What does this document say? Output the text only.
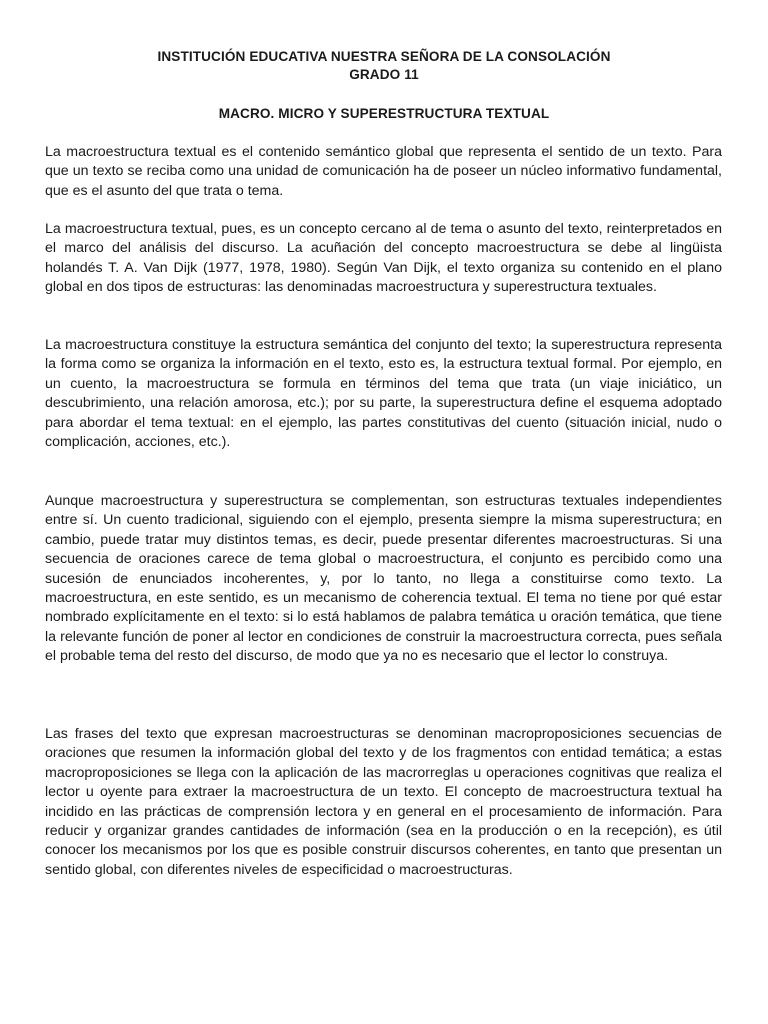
INSTITUCIÓN EDUCATIVA NUESTRA SEÑORA DE LA CONSOLACIÓN
GRADO 11
MACRO. MICRO Y SUPERESTRUCTURA TEXTUAL

La macroestructura textual es el contenido semántico global que representa el sentido de un texto. Para que un texto se reciba como una unidad de comunicación ha de poseer un núcleo informativo fundamental, que es el asunto del que trata o tema.

La macroestructura textual, pues, es un concepto cercano al de tema o asunto del texto, reinterpretados en el marco del análisis del discurso. La acuñación del concepto macroestructura se debe al lingüista holandés T. A. Van Dijk (1977, 1978, 1980). Según Van Dijk, el texto organiza su contenido en el plano global en dos tipos de estructuras: las denominadas macroestructura y superestructura textuales.

La macroestructura constituye la estructura semántica del conjunto del texto; la superestructura representa la forma como se organiza la información en el texto, esto es, la estructura textual formal. Por ejemplo, en un cuento, la macroestructura se formula en términos del tema que trata (un viaje iniciático, un descubrimiento, una relación amorosa, etc.); por su parte, la superestructura define el esquema adoptado para abordar el tema textual: en el ejemplo, las partes constitutivas del cuento (situación inicial, nudo o complicación, acciones, etc.).

Aunque macroestructura y superestructura se complementan, son estructuras textuales independientes entre sí. Un cuento tradicional, siguiendo con el ejemplo, presenta siempre la misma superestructura; en cambio, puede tratar muy distintos temas, es decir, puede presentar diferentes macroestructuras. Si una secuencia de oraciones carece de tema global o macroestructura, el conjunto es percibido como una sucesión de enunciados incoherentes, y, por lo tanto, no llega a constituirse como texto. La macroestructura, en este sentido, es un mecanismo de coherencia textual. El tema no tiene por qué estar nombrado explícitamente en el texto: si lo está hablamos de palabra temática u oración temática, que tiene la relevante función de poner al lector en condiciones de construir la macroestructura correcta, pues señala el probable tema del resto del discurso, de modo que ya no es necesario que el lector lo construya.

Las frases del texto que expresan macroestructuras se denominan macroproposiciones secuencias de oraciones que resumen la información global del texto y de los fragmentos con entidad temática; a estas macroproposiciones se llega con la aplicación de las macrorreglas u operaciones cognitivas que realiza el lector u oyente para extraer la macroestructura de un texto. El concepto de macroestructura textual ha incidido en las prácticas de comprensión lectora y en general en el procesamiento de información. Para reducir y organizar grandes cantidades de información (sea en la producción o en la recepción), es útil conocer los mecanismos por los que es posible construir discursos coherentes, en tanto que presentan un sentido global, con diferentes niveles de especificidad o macroestructuras.
